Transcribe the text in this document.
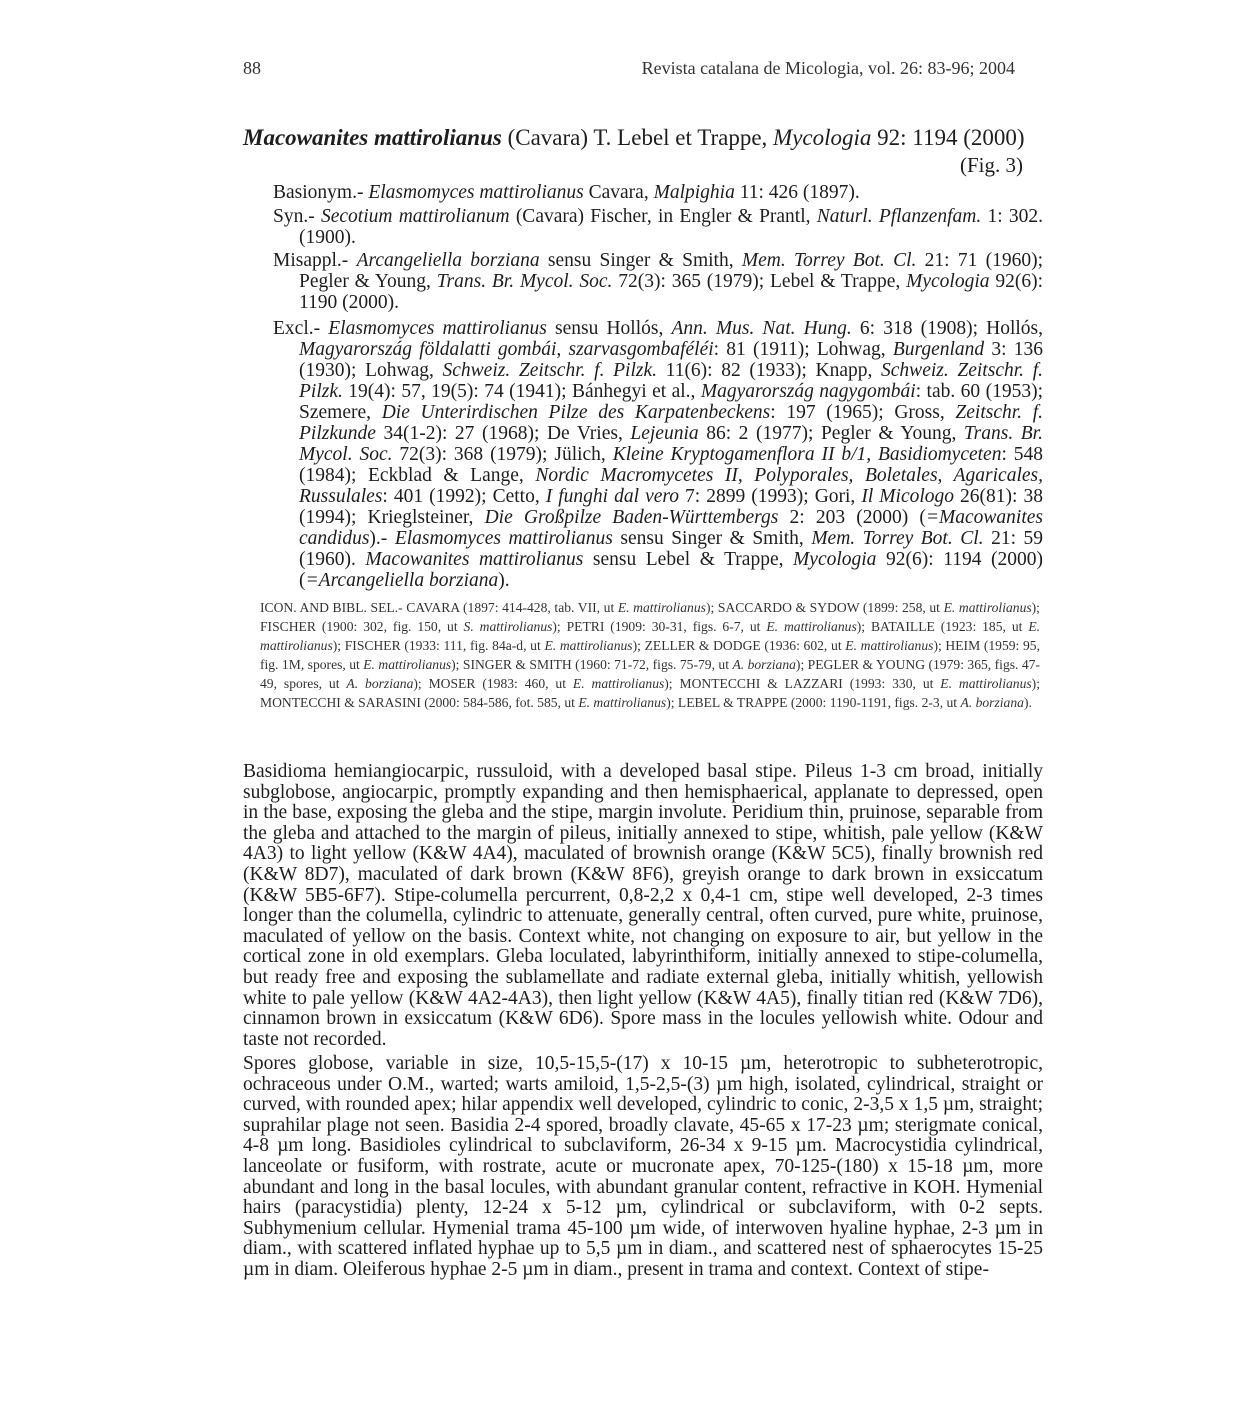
88	Revista catalana de Micologia, vol. 26: 83-96; 2004
Macowanites mattirolianus (Cavara) T. Lebel et Trappe, Mycologia 92: 1194 (2000)
(Fig. 3)

Basionym.- Elasmomyces mattirolianus Cavara, Malpighia 11: 426 (1897).

Syn.- Secotium mattirolianum (Cavara) Fischer, in Engler & Prantl, Naturl. Pflanzenfam. 1: 302. (1900).

Misappl.- Arcangeliella borziana sensu Singer & Smith, Mem. Torrey Bot. Cl. 21: 71 (1960); Pegler & Young, Trans. Br. Mycol. Soc. 72(3): 365 (1979); Lebel & Trappe, Mycologia 92(6): 1190 (2000).

Excl.- Elasmomyces mattirolianus sensu Hollós, Ann. Mus. Nat. Hung. 6: 318 (1908); Hollós, Magyarország földalatti gombái, szarvasgombaféléi: 81 (1911); Lohwag, Burgenland 3: 136 (1930); Lohwag, Schweiz. Zeitschr. f. Pilzk. 11(6): 82 (1933); Knapp, Schweiz. Zeitschr. f. Pilzk. 19(4): 57, 19(5): 74 (1941); Bánhegyi et al., Magyarország nagygombái: tab. 60 (1953); Szemere, Die Unterirdischen Pilze des Karpatenbeckens: 197 (1965); Gross, Zeitschr. f. Pilzkunde 34(1-2): 27 (1968); De Vries, Lejeunia 86: 2 (1977); Pegler & Young, Trans. Br. Mycol. Soc. 72(3): 368 (1979); Jülich, Kleine Kryptogamenflora II b/1, Basidiomyceten: 548 (1984); Eckblad & Lange, Nordic Macromycetes II, Polyporales, Boletales, Agaricales, Russulales: 401 (1992); Cetto, I funghi dal vero 7: 2899 (1993); Gori, Il Micologo 26(81): 38 (1994); Krieglsteiner, Die Großpilze Baden-Württembergs 2: 203 (2000) (=Macowanites candidus).- Elasmomyces mattirolianus sensu Singer & Smith, Mem. Torrey Bot. Cl. 21: 59 (1960). Macowanites mattirolianus sensu Lebel & Trappe, Mycologia 92(6): 1194 (2000) (=Arcangeliella borziana).

ICON. AND BIBL. SEL.- CAVARA (1897: 414-428, tab. VII, ut E. mattirolianus); SACCARDO & SYDOW (1899: 258, ut E. mattirolianus); FISCHER (1900: 302, fig. 150, ut S. mattirolianus); PETRI (1909: 30-31, figs. 6-7, ut E. mattirolianus); BATAILLE (1923: 185, ut E. mattirolianus); FISCHER (1933: 111, fig. 84a-d, ut E. mattirolianus); ZELLER & DODGE (1936: 602, ut E. mattirolianus); HEIM (1959: 95, fig. 1M, spores, ut E. mattirolianus); SINGER & SMITH (1960: 71-72, figs. 75-79, ut A. borziana); PEGLER & YOUNG (1979: 365, figs. 47-49, spores, ut A. borziana); MOSER (1983: 460, ut E. mattirolianus); MONTECCHI & LAZZARI (1993: 330, ut E. mattirolianus); MONTECCHI & SARASINI (2000: 584-586, fot. 585, ut E. mattirolianus); LEBEL & TRAPPE (2000: 1190-1191, figs. 2-3, ut A. borziana).

Basidioma hemiangiocarpic, russuloid, with a developed basal stipe. Pileus 1-3 cm broad, initially subglobose, angiocarpic, promptly expanding and then hemisphaerical, applanate to depressed, open in the base, exposing the gleba and the stipe, margin involute. Peridium thin, pruinose, separable from the gleba and attached to the margin of pileus, initially annexed to stipe, whitish, pale yellow (K&W 4A3) to light yellow (K&W 4A4), maculated of brownish orange (K&W 5C5), finally brownish red (K&W 8D7), maculated of dark brown (K&W 8F6), greyish orange to dark brown in exsiccatum (K&W 5B5-6F7). Stipe-columella percurrent, 0,8-2,2 x 0,4-1 cm, stipe well developed, 2-3 times longer than the columella, cylindric to attenuate, generally central, often curved, pure white, pruinose, maculated of yellow on the basis. Context white, not changing on exposure to air, but yellow in the cortical zone in old exemplars. Gleba loculated, labyrinthiform, initially annexed to stipe-columella, but ready free and exposing the sublamellate and radiate external gleba, initially whitish, yellowish white to pale yellow (K&W 4A2-4A3), then light yellow (K&W 4A5), finally titian red (K&W 7D6), cinnamon brown in exsiccatum (K&W 6D6). Spore mass in the locules yellowish white. Odour and taste not recorded.

Spores globose, variable in size, 10,5-15,5-(17) x 10-15 µm, heterotropic to subheterotropic, ochraceous under O.M., warted; warts amiloid, 1,5-2,5-(3) µm high, isolated, cylindrical, straight or curved, with rounded apex; hilar appendix well developed, cylindric to conic, 2-3,5 x 1,5 µm, straight; suprahilar plage not seen. Basidia 2-4 spored, broadly clavate, 45-65 x 17-23 µm; sterigmate conical, 4-8 µm long. Basidioles cylindrical to subclaviform, 26-34 x 9-15 µm. Macrocystidia cylindrical, lanceolate or fusiform, with rostrate, acute or mucronate apex, 70-125-(180) x 15-18 µm, more abundant and long in the basal locules, with abundant granular content, refractive in KOH. Hymenial hairs (paracystidia) plenty, 12-24 x 5-12 µm, cylindrical or subclaviform, with 0-2 septs. Subhymenium cellular. Hymenial trama 45-100 µm wide, of interwoven hyaline hyphae, 2-3 µm in diam., with scattered inflated hyphae up to 5,5 µm in diam., and scattered nest of sphaerocytes 15-25 µm in diam. Oleiferous hyphae 2-5 µm in diam., present in trama and context. Context of stipe-
